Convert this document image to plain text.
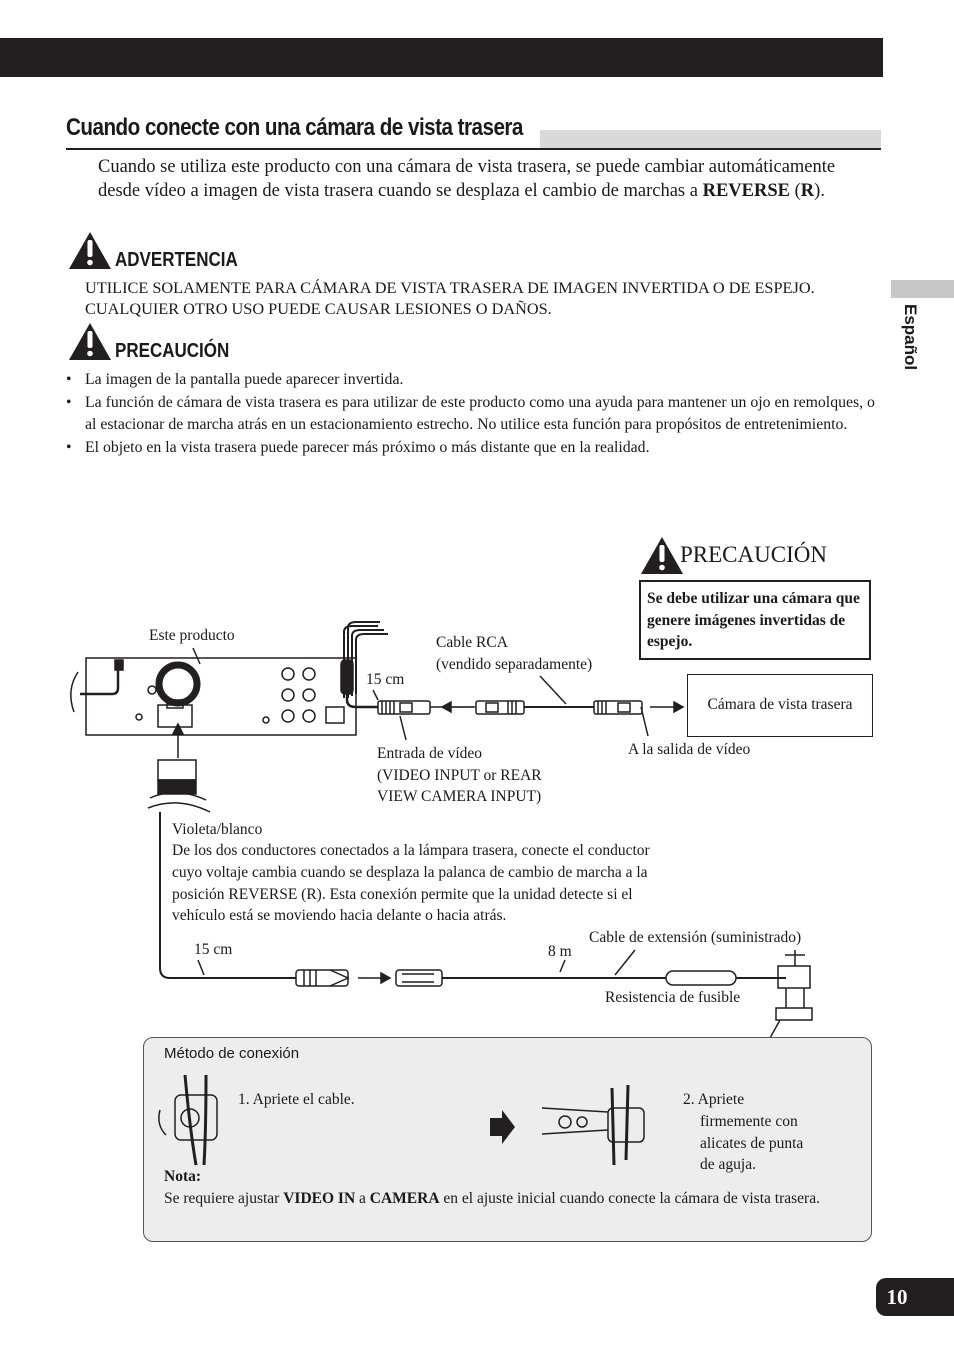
Cuando conecte con una cámara de vista trasera
Cuando se utiliza este producto con una cámara de vista trasera, se puede cambiar automáticamente desde vídeo a imagen de vista trasera cuando se desplaza el cambio de marchas a REVERSE (R).
ADVERTENCIA
UTILICE SOLAMENTE PARA CÁMARA DE VISTA TRASERA DE IMAGEN INVERTIDA O DE ESPEJO. CUALQUIER OTRO USO PUEDE CAUSAR LESIONES O DAÑOS.
PRECAUCIÓN
• La imagen de la pantalla puede aparecer invertida.
• La función de cámara de vista trasera es para utilizar de este producto como una ayuda para mantener un ojo en remolques, o al estacionar de marcha atrás en un estacionamiento estrecho. No utilice esta función para propósitos de entretenimiento.
• El objeto en la vista trasera puede parecer más próximo o más distante que en la realidad.
Español
PRECAUCIÓN
Se debe utilizar una cámara que genere imágenes invertidas de espejo.
Este producto	Cable RCA
(vendido separadamente)
15 cm
Cámara de vista trasera
A la salida de vídeo
Entrada de vídeo
(VIDEO INPUT or REAR
VIEW CAMERA INPUT)
Violeta/blanco
De los dos conductores conectados a la lámpara trasera, conecte el conductor
cuyo voltaje cambia cuando se desplaza la palanca de cambio de marcha a la
posición REVERSE (R). Esta conexión permite que la unidad detecte si el
vehículo está se moviendo hacia delante o hacia atrás.
15 cm	8 m
Cable de extensión (suministrado)
Resistencia de fusible
Método de conexión
1. Apriete el cable.	2. Apriete
firmemente con
alicates de punta
de aguja.
Nota:
Se requiere ajustar VIDEO IN a CAMERA en el ajuste inicial cuando conecte la cámara de vista trasera.
10
